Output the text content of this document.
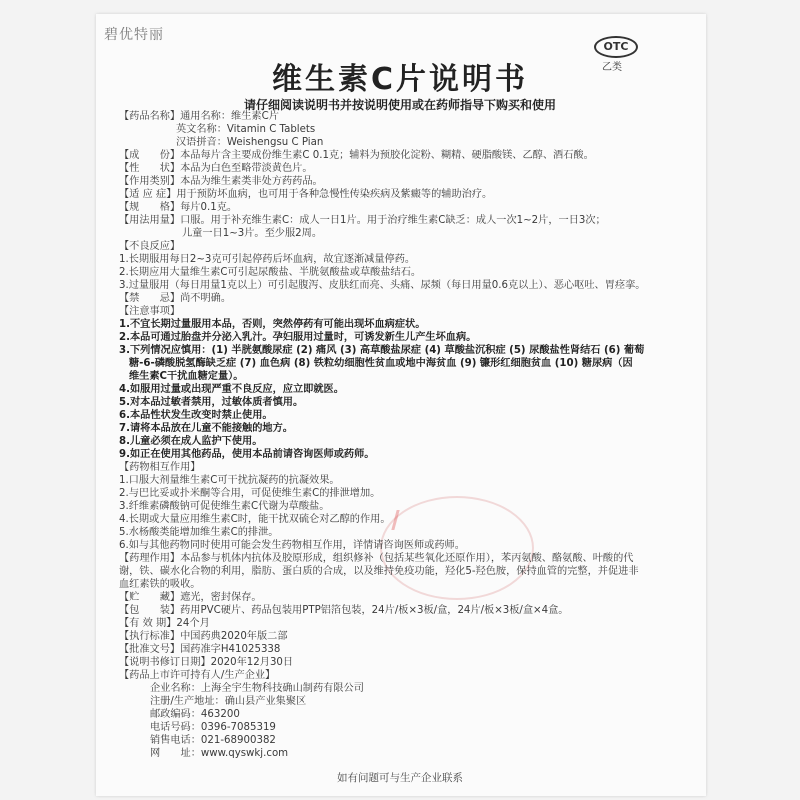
碧优特丽
OTC
乙类
维生素C片说明书
请仔细阅读说明书并按说明使用或在药师指导下购买和使用
【药品名称】通用名称：维生素C片
英文名称：Vitamin C Tablets
汉语拼音：Weishengsu C Pian
【成　　份】本品每片含主要成份维生素C 0.1克；辅料为预胶化淀粉、糊精、硬脂酸镁、乙醇、酒石酸。
【性　　状】本品为白色至略带淡黄色片。
【作用类别】本品为维生素类非处方药药品。
【适 应 症】用于预防坏血病，也可用于各种急慢性传染疾病及紫癜等的辅助治疗。
【规　　格】每片0.1克。
【用法用量】口服。用于补充维生素C：成人一日1片。用于治疗维生素C缺乏：成人一次1~2片，一日3次；
儿童一日1~3片。至少服2周。
【不良反应】
1.长期服用每日2~3克可引起停药后坏血病，故宜逐渐减量停药。
2.长期应用大量维生素C可引起尿酸盐、半胱氨酸盐或草酸盐结石。
3.过量服用（每日用量1克以上）可引起腹泻、皮肤红而亮、头痛、尿频（每日用量0.6克以上）、恶心呕吐、胃痉挛。
【禁　　忌】尚不明确。
【注意事项】
1.不宜长期过量服用本品，否则，突然停药有可能出现坏血病症状。
2.本品可通过胎盘并分泌入乳汁。孕妇服用过量时，可诱发新生儿产生坏血病。
3.下列情况应慎用：(1) 半胱氨酸尿症 (2) 痛风 (3) 高草酸盐尿症 (4) 草酸盐沉积症 (5) 尿酸盐性肾结石 (6) 葡萄
糖-6-磷酸脱氢酶缺乏症 (7) 血色病 (8) 铁粒幼细胞性贫血或地中海贫血 (9) 镰形红细胞贫血 (10) 糖尿病（因
维生素C干扰血糖定量）。
4.如服用过量或出现严重不良反应，应立即就医。
5.对本品过敏者禁用，过敏体质者慎用。
6.本品性状发生改变时禁止使用。
7.请将本品放在儿童不能接触的地方。
8.儿童必须在成人监护下使用。
9.如正在使用其他药品，使用本品前请咨询医师或药师。
【药物相互作用】
1.口服大剂量维生素C可干扰抗凝药的抗凝效果。
2.与巴比妥或扑米酮等合用，可促使维生素C的排泄增加。
3.纤维素磷酸钠可促使维生素C代谢为草酸盐。
4.长期或大量应用维生素C时，能干扰双硫仑对乙醇的作用。
5.水杨酸类能增加维生素C的排泄。
6.如与其他药物同时使用可能会发生药物相互作用，详情请咨询医师或药师。
【药理作用】本品参与机体内抗体及胶原形成，组织修补（包括某些氧化还原作用），苯丙氨酸、酪氨酸、叶酸的代
谢，铁、碳水化合物的利用，脂肪、蛋白质的合成，以及维持免疫功能，羟化5-羟色胺，保持血管的完整，并促进非
血红素铁的吸收。
【贮　　藏】遮光，密封保存。
【包　　装】药用PVC硬片、药品包装用PTP铝箔包装，24片/板×3板/盒，24片/板×3板/盒×4盒。
【有 效 期】24个月
【执行标准】中国药典2020年版二部
【批准文号】国药准字H41025338
【说明书修订日期】2020年12月30日
【药品上市许可持有人/生产企业】
企业名称：上海全宇生物科技确山制药有限公司
注册/生产地址：确山县产业集聚区
邮政编码：463200
电话号码：0396-7085319
销售电话：021-68900382
网　　址：www.qyswkj.com
如有问题可与生产企业联系
